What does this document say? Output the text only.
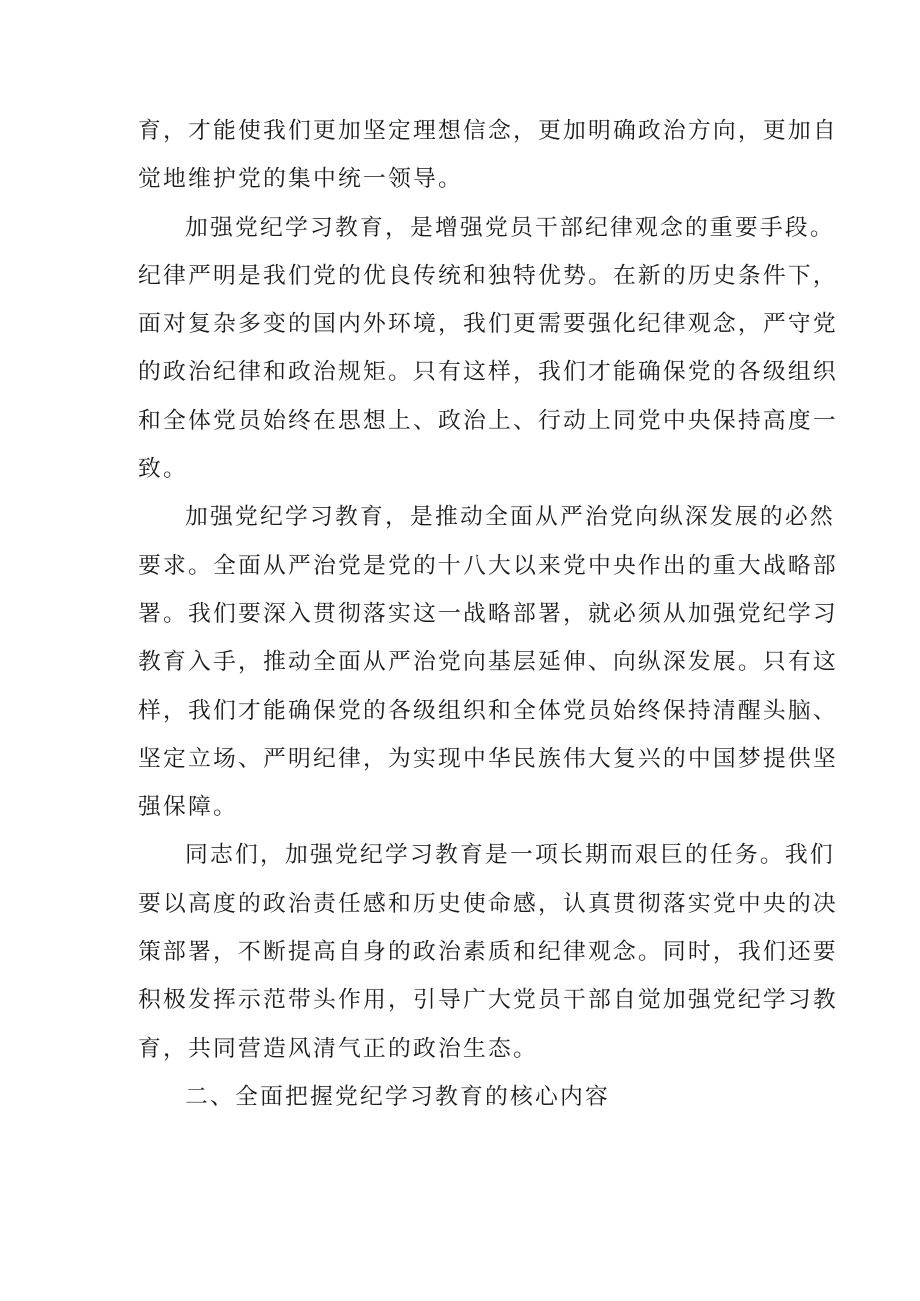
育，才能使我们更加坚定理想信念，更加明确政治方向，更加自
觉地维护党的集中统一领导。
加强党纪学习教育，是增强党员干部纪律观念的重要手段。
纪律严明是我们党的优良传统和独特优势。在新的历史条件下，
面对复杂多变的国内外环境，我们更需要强化纪律观念，严守党
的政治纪律和政治规矩。只有这样，我们才能确保党的各级组织
和全体党员始终在思想上、政治上、行动上同党中央保持高度一
致。
加强党纪学习教育，是推动全面从严治党向纵深发展的必然
要求。全面从严治党是党的十八大以来党中央作出的重大战略部
署。我们要深入贯彻落实这一战略部署，就必须从加强党纪学习
教育入手，推动全面从严治党向基层延伸、向纵深发展。只有这
样，我们才能确保党的各级组织和全体党员始终保持清醒头脑、
坚定立场、严明纪律，为实现中华民族伟大复兴的中国梦提供坚
强保障。
同志们，加强党纪学习教育是一项长期而艰巨的任务。我们
要以高度的政治责任感和历史使命感，认真贯彻落实党中央的决
策部署，不断提高自身的政治素质和纪律观念。同时，我们还要
积极发挥示范带头作用，引导广大党员干部自觉加强党纪学习教
育，共同营造风清气正的政治生态。
二、全面把握党纪学习教育的核心内容
